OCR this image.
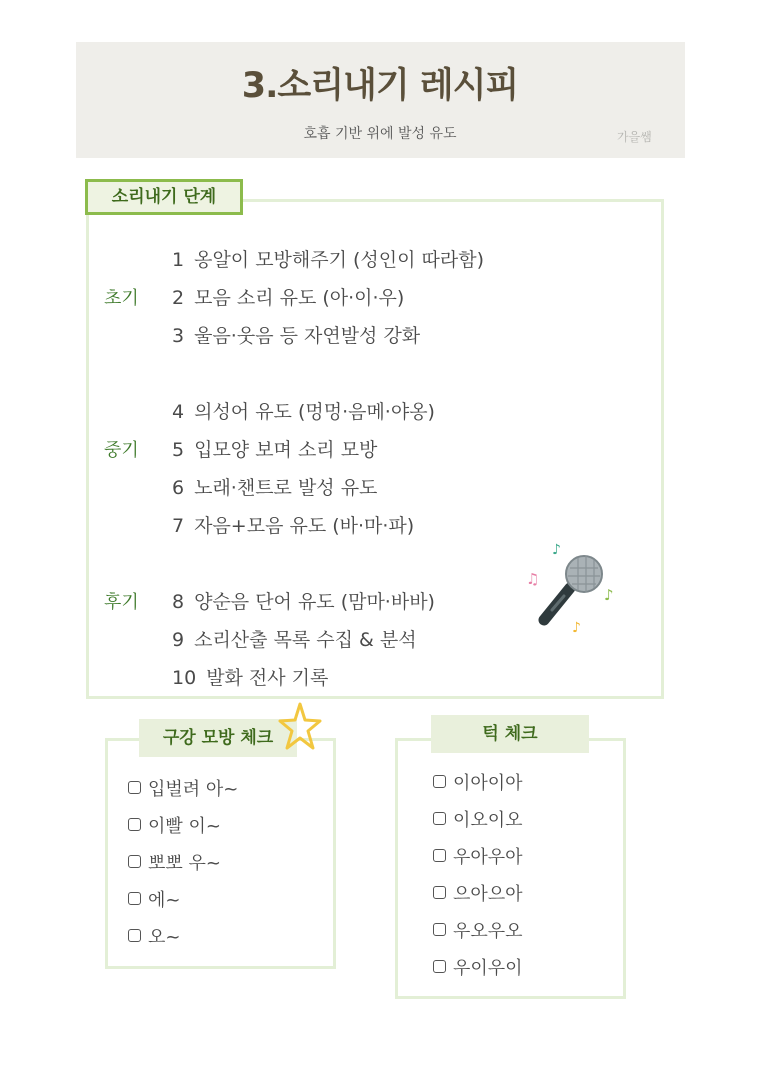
3.소리내기 레시피
호흡 기반 위에 발성 유도	가을쌤
소리내기 단계
초기
1 옹알이 모방해주기 (성인이 따라함)
2 모음 소리 유도 (아·이·우)
3 울음·웃음 등 자연발성 강화
중기
4 의성어 유도 (멍멍·음메·야옹)
5 입모양 보며 소리 모방
6 노래·챈트로 발성 유도
7 자음+모음 유도 (바·마·파)
후기 8 양순음 단어 유도 (맘마·바바)
9 소리산출 목록 수집 & 분석
10 발화 전사 기록
♪
♫
♪
♪
구강 모방 체크
입벌려 아~
이빨 이~
뽀뽀 우~
에~
오~
턱 체크
이아이아
이오이오
우아우아
으아으아
우오우오
우이우이
